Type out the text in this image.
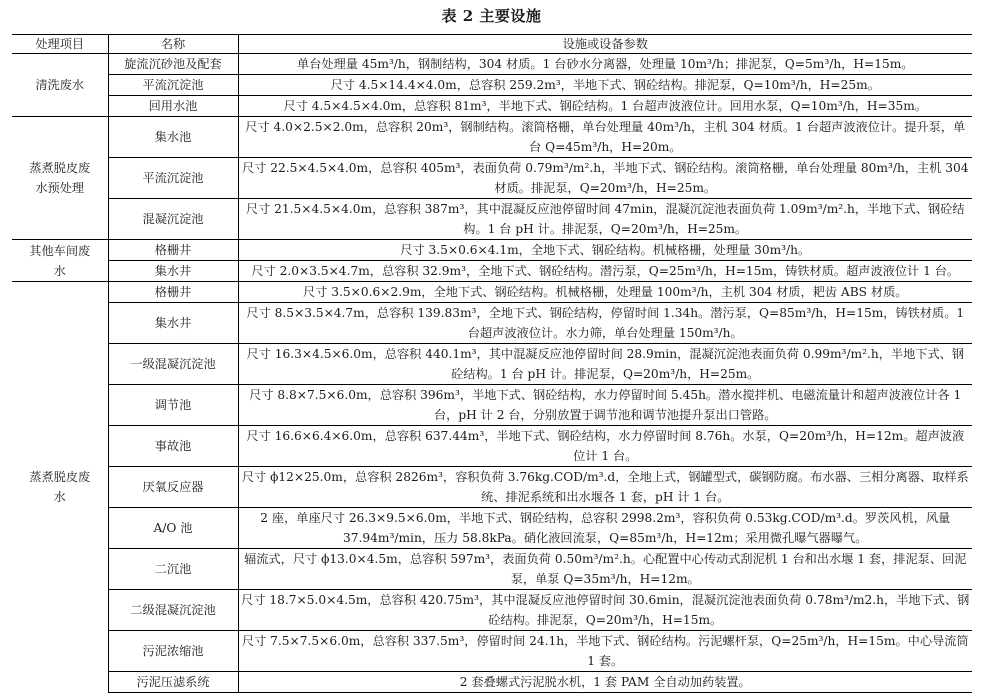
表 2 主要设施
处理项目	名称	设施或设备参数
清洗废水	旋流沉砂池及配套	单台处理量 45m³/h，钢制结构，304 材质。1 台砂水分离器，处理量 10m³/h；排泥泵，Q=5m³/h，H=15m。
	平流沉淀池	尺寸 4.5×14.4×4.0m，总容积 259.2m³，半地下式、钢砼结构。排泥泵，Q=10m³/h，H=25m。
	回用水池	尺寸 4.5×4.5×4.0m，总容积 81m³，半地下式、钢砼结构。1 台超声波液位计。回用水泵，Q=10m³/h，H=35m。
蒸煮脱皮废水预处理	集水池	尺寸 4.0×2.5×2.0m，总容积 20m³，钢制结构。滚筒格栅，单台处理量 40m³/h，主机 304 材质。1 台超声波液位计。提升泵，单台 Q=45m³/h，H=20m。
	平流沉淀池	尺寸 22.5×4.5×4.0m，总容积 405m³，表面负荷 0.79m³/m².h，半地下式、钢砼结构。滚筒格栅，单台处理量 80m³/h，主机 304 材质。排泥泵，Q=20m³/h，H=25m。
	混凝沉淀池	尺寸 21.5×4.5×4.0m，总容积 387m³，其中混凝反应池停留时间 47min，混凝沉淀池表面负荷 1.09m³/m².h，半地下式、钢砼结构。1 台 pH 计。排泥泵，Q=20m³/h，H=25m。
其他车间废水	格栅井	尺寸 3.5×0.6×4.1m，全地下式、钢砼结构。机械格栅，处理量 30m³/h。
	集水井	尺寸 2.0×3.5×4.7m，总容积 32.9m³，全地下式、钢砼结构。潜污泵，Q=25m³/h，H=15m，铸铁材质。超声波液位计 1 台。
蒸煮脱皮废水	格栅井	尺寸 3.5×0.6×2.9m，全地下式、钢砼结构。机械格栅，处理量 100m³/h，主机 304 材质，耙齿 ABS 材质。
	集水井	尺寸 8.5×3.5×4.7m，总容积 139.83m³，全地下式、钢砼结构，停留时间 1.34h。潜污泵，Q=85m³/h，H=15m，铸铁材质。1 台超声波液位计。水力筛，单台处理量 150m³/h。
	一级混凝沉淀池	尺寸 16.3×4.5×6.0m，总容积 440.1m³，其中混凝反应池停留时间 28.9min，混凝沉淀池表面负荷 0.99m³/m².h，半地下式、钢砼结构。1 台 pH 计。排泥泵，Q=20m³/h，H=25m。
	调节池	尺寸 8.8×7.5×6.0m，总容积 396m³，半地下式、钢砼结构，水力停留时间 5.45h。潜水搅拌机、电磁流量计和超声波液位计各 1 台，pH 计 2 台，分别放置于调节池和调节池提升泵出口管路。
	事故池	尺寸 16.6×6.4×6.0m，总容积 637.44m³，半地下式、钢砼结构，水力停留时间 8.76h。水泵，Q=20m³/h，H=12m。超声波液位计 1 台。
	厌氧反应器	尺寸 ϕ12×25.0m，总容积 2826m³，容积负荷 3.76kg.COD/m³.d，全地上式，钢罐型式，碳钢防腐。布水器、三相分离器、取样系统、排泥系统和出水堰各 1 套，pH 计 1 台。
	A/O 池	2 座，单座尺寸 26.3×9.5×6.0m，半地下式、钢砼结构，总容积 2998.2m³，容积负荷 0.53kg.COD/m³.d。罗茨风机，风量 37.94m³/min，压力 58.8kPa。硝化液回流泵，Q=85m³/h，H=12m；采用微孔曝气器曝气。
	二沉池	辐流式，尺寸 ϕ13.0×4.5m，总容积 597m³，表面负荷 0.50m³/m².h。心配置中心传动式刮泥机 1 台和出水堰 1 套，排泥泵、回泥泵，单泵 Q=35m³/h，H=12m。
	二级混凝沉淀池	尺寸 18.7×5.0×4.5m，总容积 420.75m³，其中混凝反应池停留时间 30.6min，混凝沉淀池表面负荷 0.78m³/m2.h，半地下式、钢砼结构。排泥泵，Q=20m³/h，H=15m。
	污泥浓缩池	尺寸 7.5×7.5×6.0m，总容积 337.5m³，停留时间 24.1h，半地下式、钢砼结构。污泥螺杆泵，Q=25m³/h，H=15m。中心导流筒 1 套。
	污泥压滤系统	2 套叠螺式污泥脱水机，1 套 PAM 全自动加药装置。
